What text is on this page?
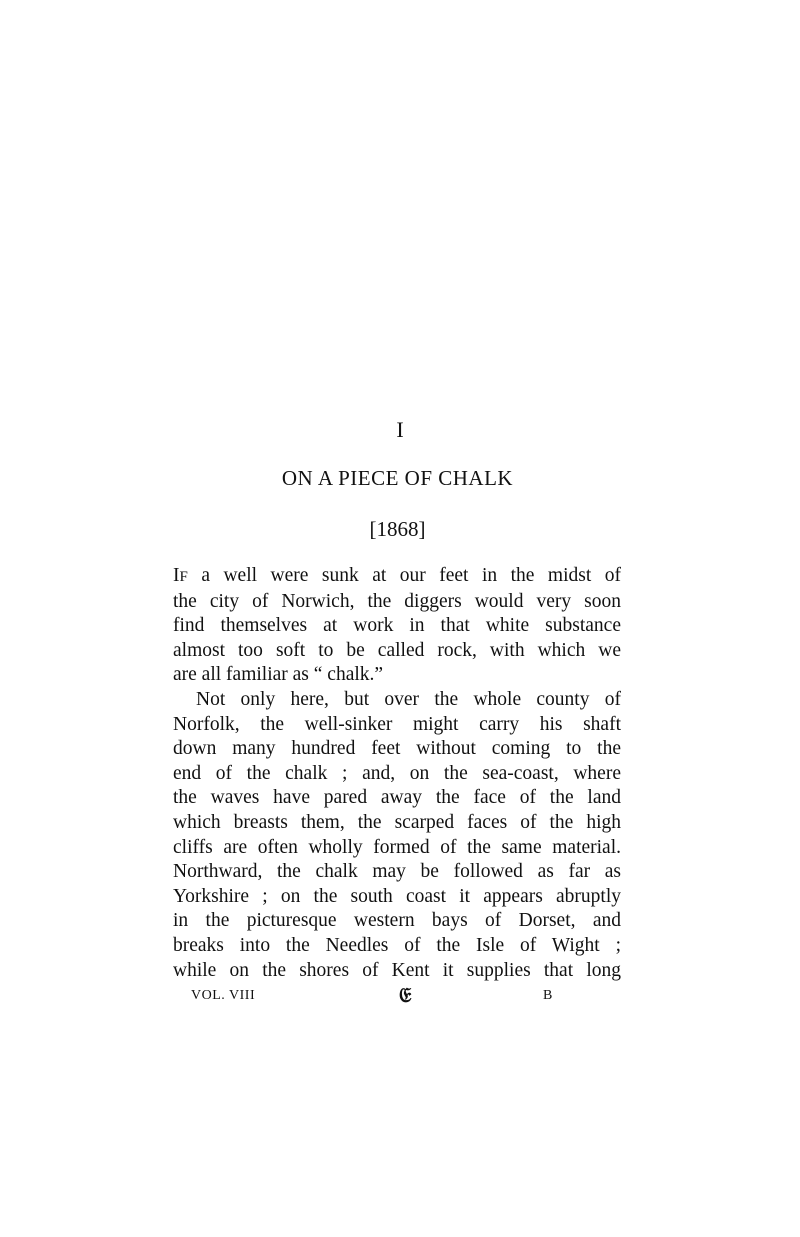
I
ON A PIECE OF CHALK
[1868]
IF a well were sunk at our feet in the midst of
the city of Norwich, the diggers would very soon
find themselves at work in that white substance
almost too soft to be called rock, with which we
are all familiar as “ chalk.”
Not only here, but over the whole county of
Norfolk, the well-sinker might carry his shaft
down many hundred feet without coming to the
end of the chalk ; and, on the sea-coast, where
the waves have pared away the face of the land
which breasts them, the scarped faces of the high
cliffs are often wholly formed of the same material.
Northward, the chalk may be followed as far as
Yorkshire ; on the south coast it appears abruptly
in the picturesque western bays of Dorset, and
breaks into the Needles of the Isle of Wight ;
while on the shores of Kent it supplies that long
VOL. VIII	𝔈	B
